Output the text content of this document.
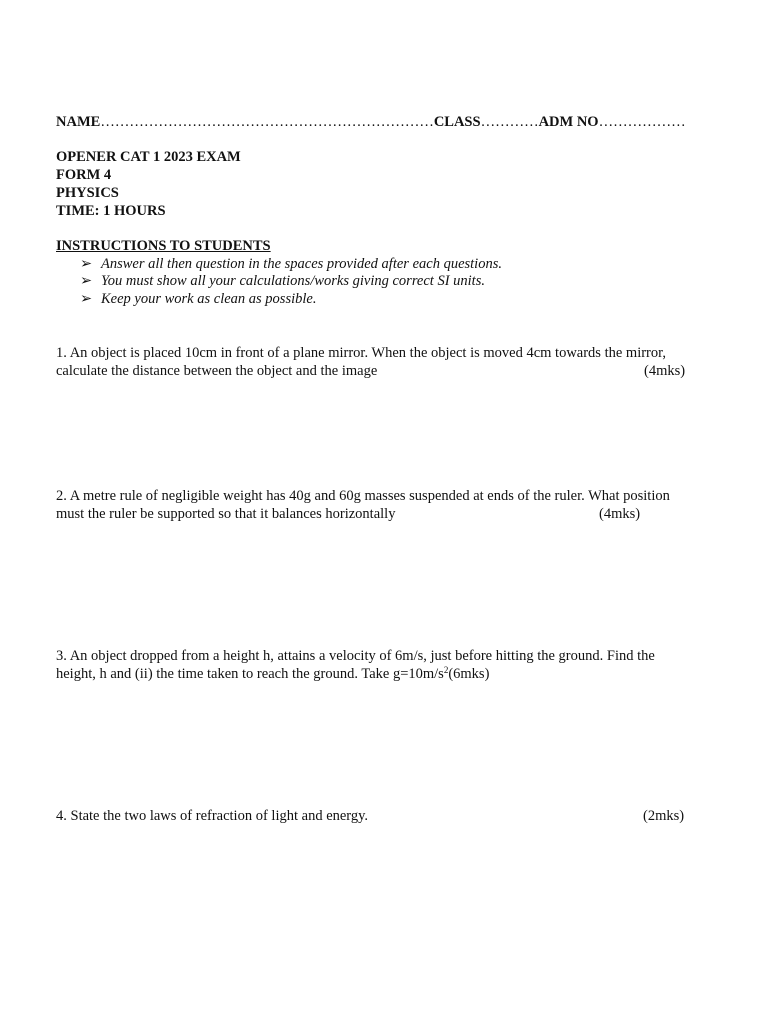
NAME……………………………………………………………CLASS…………ADM NO………………
OPENER CAT 1 2023 EXAM
FORM 4
PHYSICS
TIME: 1 HOURS
INSTRUCTIONS TO STUDENTS
➢ Answer all then question in the spaces provided after each questions.
➢ You must show all your calculations/works giving correct SI units.
➢ Keep your work as clean as possible.
1. An object is placed 10cm in front of a plane mirror. When the object is moved 4cm towards the mirror,
calculate the distance between the object and the image	(4mks)
2. A metre rule of negligible weight has 40g and 60g masses suspended at ends of the ruler. What position
must the ruler be supported so that it balances horizontally	(4mks)
3. An object dropped from a height h, attains a velocity of 6m/s, just before hitting the ground. Find the
height, h and (ii) the time taken to reach the ground. Take $g=10m/s^2(6mks)$
4. State the two laws of refraction of light and energy.	(2mks)
